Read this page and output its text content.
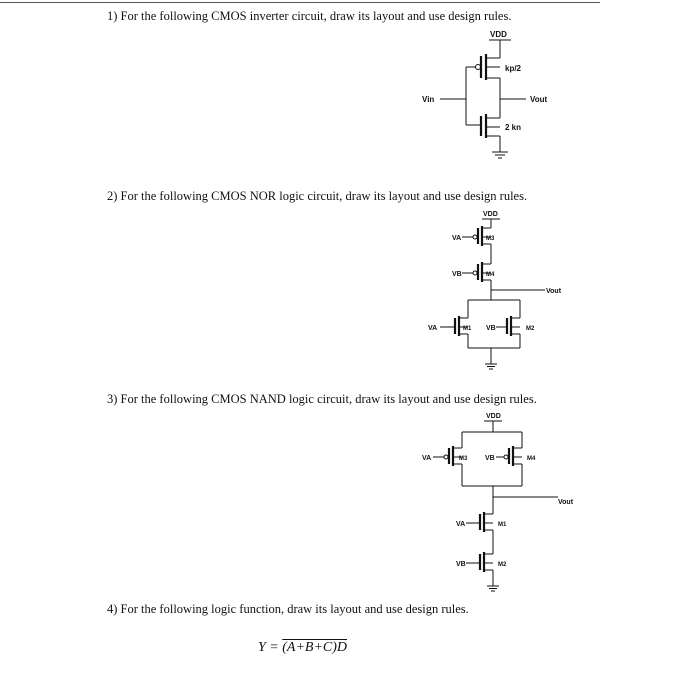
1) For the following CMOS inverter circuit, draw its layout and use design rules.
2) For the following CMOS NOR logic circuit, draw its layout and use design rules.
3) For the following CMOS NAND logic circuit, draw its layout and use design rules.
4) For the following logic function, draw its layout and use design rules.
VDD
kp/2
Vin	Vout
2 kn
VDD
VA	M3
VB	M4
Vout
VA	M1 VB	M2
VDD
VA	M3	VB	M4
Vout
VA	M1
VB	M2
Y = (A+B+C)D
